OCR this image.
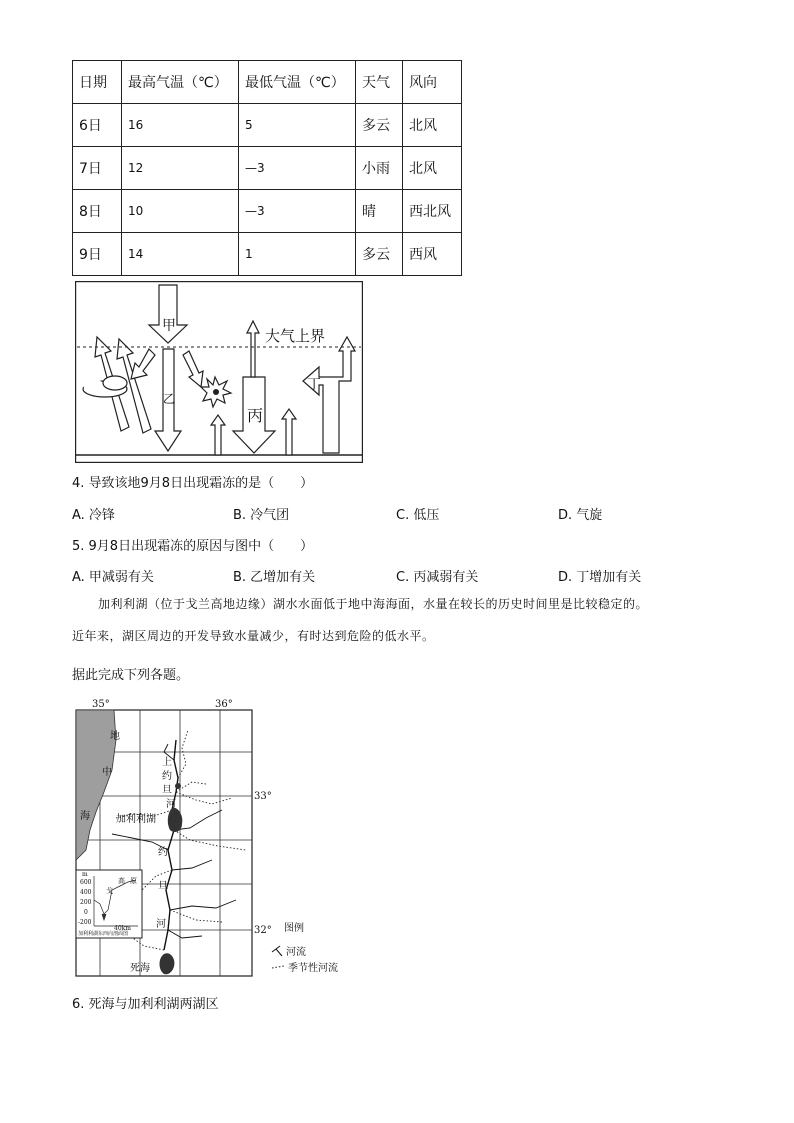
日期	最高气温（℃）	最低气温（℃）	天气	风向
6日	16	5	多云	北风
7日	12	—3	小雨	北风
8日	10	—3	晴	西北风
9日	14	1	多云	西风
甲
乙
丙
丁
大气上界
4. 导致该地9月8日出现霜冻的是（　　）
A. 冷锋	B. 冷气团	C. 低压	D. 气旋
5. 9月8日出现霜冻的原因与图中（　　）
A. 甲减弱有关	B. 乙增加有关	C. 丙减弱有关	D. 丁增加有关
加利利湖（位于戈兰高地边缘）湖水水面低于地中海海面，水量在较长的历史时间里是比较稳定的。
近年来，湖区周边的开发导致水量减少，有时达到危险的低水平。
据此完成下列各题。
35°	36°
33°
32°
地
中
海
上
约
旦
河
加利利湖
约
旦
河
死海
图例
河流
季节性河流
m
600
400
200
0
-200
戈
高 原
40km
加利利湖东西向剖面图
6. 死海与加利利湖两湖区
